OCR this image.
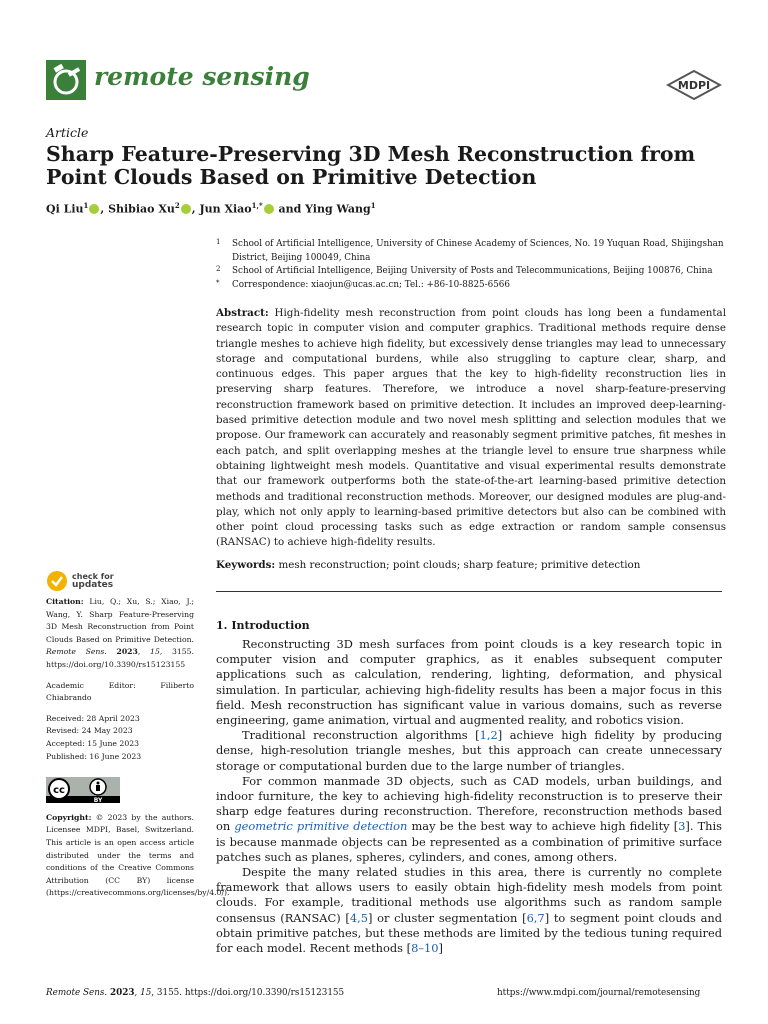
remote sensing	MDPI
Article
Sharp Feature-Preserving 3D Mesh Reconstruction from Point Clouds Based on Primitive Detection
Qi Liu$^1$ , Shibiao Xu$^2$ , Jun Xiao$^{1,*}$ and Ying Wang$^1$
1 School of Artificial Intelligence, University of Chinese Academy of Sciences, No. 19 Yuquan Road, Shijingshan District, Beijing 100049, China
2 School of Artificial Intelligence, Beijing University of Posts and Telecommunications, Beijing 100876, China
* Correspondence: xiaojun@ucas.ac.cn; Tel.: +86-10-8825-6566
Abstract: High-fidelity mesh reconstruction from point clouds has long been a fundamental research topic in computer vision and computer graphics. Traditional methods require dense triangle meshes to achieve high fidelity, but excessively dense triangles may lead to unnecessary storage and computational burdens, while also struggling to capture clear, sharp, and continuous edges. This paper argues that the key to high-fidelity reconstruction lies in preserving sharp features. Therefore, we introduce a novel sharp-feature-preserving reconstruction framework based on primitive detection. It includes an improved deep-learning-based primitive detection module and two novel mesh splitting and selection modules that we propose. Our framework can accurately and reasonably segment primitive patches, fit meshes in each patch, and split overlapping meshes at the triangle level to ensure true sharpness while obtaining lightweight mesh models. Quantitative and visual experimental results demonstrate that our framework outperforms both the state-of-the-art learning-based primitive detection methods and traditional reconstruction methods. Moreover, our designed modules are plug-and-play, which not only apply to learning-based primitive detectors but also can be combined with other point cloud processing tasks such as edge extraction or random sample consensus (RANSAC) to achieve high-fidelity results.
Keywords: mesh reconstruction; point clouds; sharp feature; primitive detection
check for
updates
Citation: Liu, Q.; Xu, S.; Xiao, J.; Wang, Y. Sharp Feature-Preserving 3D Mesh Reconstruction from Point Clouds Based on Primitive Detection. Remote Sens. 2023, 15, 3155. https://doi.org/10.3390/rs15123155
Academic Editor:	Filiberto Chiabrando
Received: 28 April 2023
Revised: 24 May 2023
Accepted: 15 June 2023
Published: 16 June 2023
cc
BY
Copyright: © 2023 by the authors. Licensee MDPI, Basel, Switzerland. This article is an open access article distributed under the terms and conditions of the Creative Commons Attribution (CC BY) license (https://creativecommons.org/licenses/by/4.0/).
1. Introduction

Reconstructing 3D mesh surfaces from point clouds is a key research topic in computer vision and computer graphics, as it enables subsequent computer applications such as calculation, rendering, lighting, deformation, and physical simulation. In particular, achieving high-fidelity results has been a major focus in this field. Mesh reconstruction has significant value in various domains, such as reverse engineering, game animation, virtual and augmented reality, and robotics vision.

Traditional reconstruction algorithms [1,2] achieve high fidelity by producing dense, high-resolution triangle meshes, but this approach can create unnecessary storage or computational burden due to the large number of triangles.

For common manmade 3D objects, such as CAD models, urban buildings, and indoor furniture, the key to achieving high-fidelity reconstruction is to preserve their sharp edge features during reconstruction. Therefore, reconstruction methods based on geometric primitive detection may be the best way to achieve high fidelity [3]. This is because manmade objects can be represented as a combination of primitive surface patches such as planes, spheres, cylinders, and cones, among others.

Despite the many related studies in this area, there is currently no complete framework that allows users to easily obtain high-fidelity mesh models from point clouds. For example, traditional methods use algorithms such as random sample consensus (RANSAC) [4,5] or cluster segmentation [6,7] to segment point clouds and obtain primitive patches, but these methods are limited by the tedious tuning required for each model. Recent methods [8–10]

Remote Sens. 2023, 15, 3155. https://doi.org/10.3390/rs15123155	https://www.mdpi.com/journal/remotesensing
